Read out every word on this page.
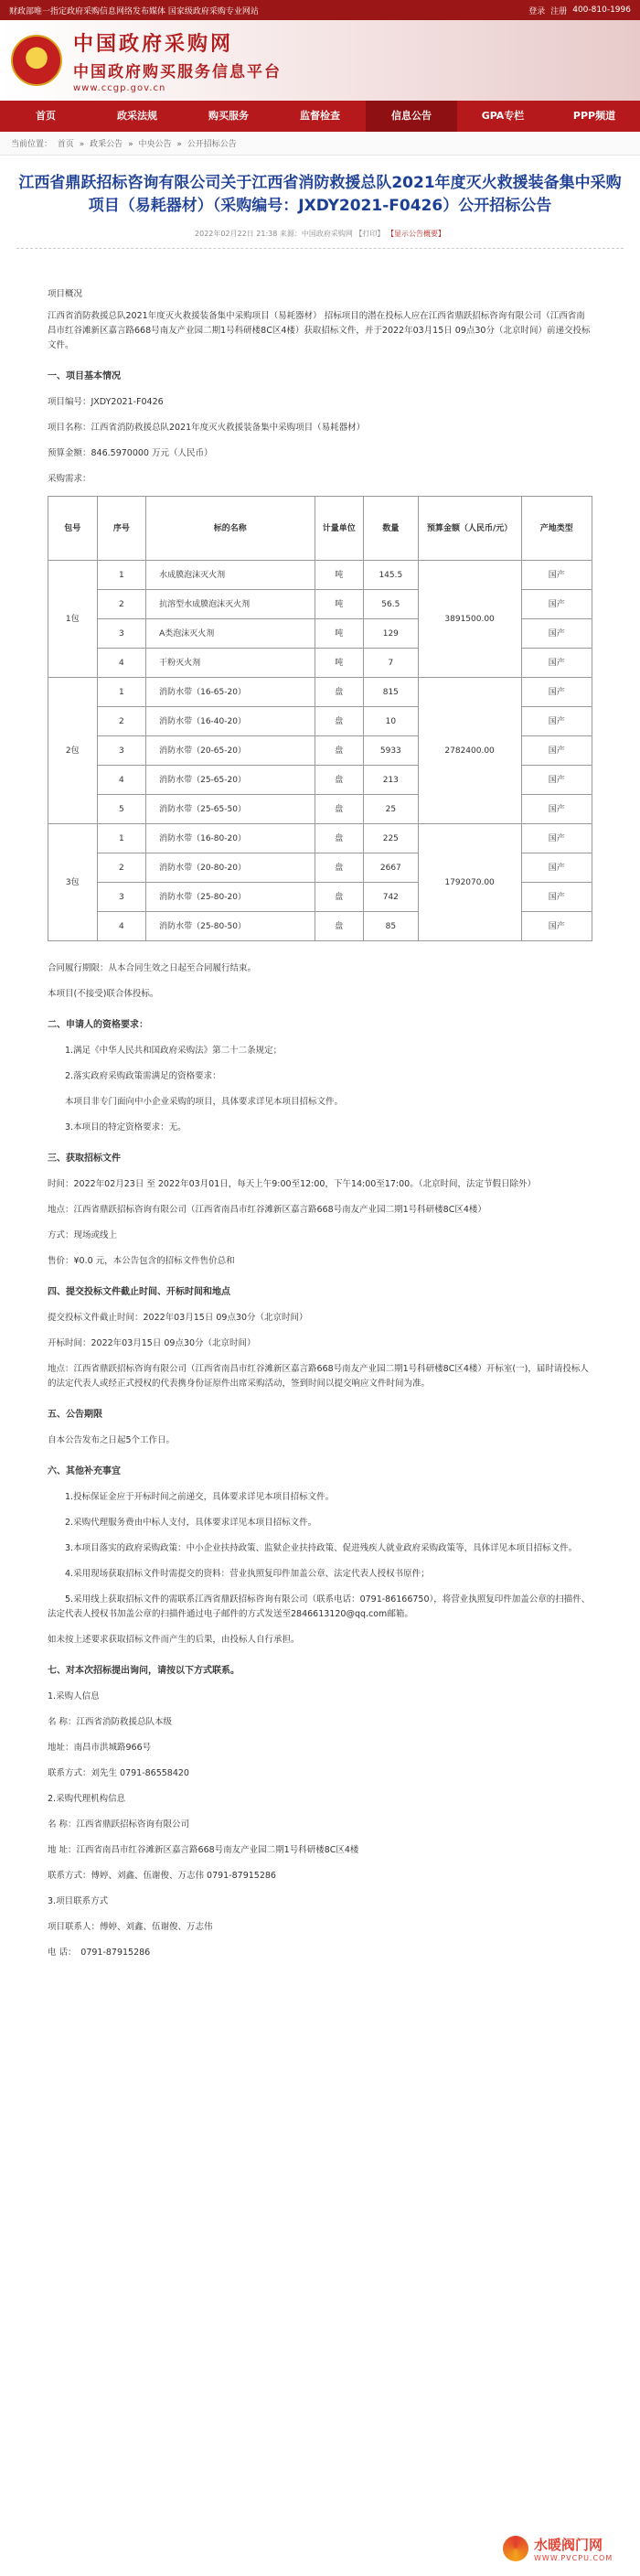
财政部唯一指定政府采购信息网络发布媒体 国家级政府采购专业网站	登录 注册 400-810-1996
中国政府采购网
中国政府购买服务信息平台
www.ccgp.gov.cn
首页	政采法规	购买服务	监督检查	信息公告	GPA专栏	PPP频道
当前位置： 首页 » 政采公告 » 中央公告 » 公开招标公告
江西省鼎跃招标咨询有限公司关于江西省消防救援总队2021年度灭火救援装备集中采购项目（易耗器材）（采购编号：JXDY2021-F0426）公开招标公告
2022年02月22日 21:38 来源：中国政府采购网 【打印】 【显示公告概要】
项目概况
江西省消防救援总队2021年度灭火救援装备集中采购项目（易耗器材） 招标项目的潜在投标人应在江西省鼎跃招标咨询有限公司（江西省南昌市红谷滩新区嘉言路668号南友产业园二期1号科研楼8C区4楼）获取招标文件，并于2022年03月15日 09点30分（北京时间）前递交投标文件。
一、项目基本情况
项目编号：JXDY2021-F0426
项目名称：江西省消防救援总队2021年度灭火救援装备集中采购项目（易耗器材）
预算金额：846.5970000 万元（人民币）
采购需求：
包号	序号	标的名称	计量单位	数量	预算金额（人民币/元）	产地类型
1包	1	水成膜泡沫灭火剂	吨	145.5	3891500.00	国产
	2	抗溶型水成膜泡沫灭火剂	吨	56.5		国产
	3	A类泡沫灭火剂	吨	129		国产
	4	干粉灭火剂	吨	7		国产
2包	1	消防水带（16-65-20）	盘	815	2782400.00	国产
	2	消防水带（16-40-20）	盘	10		国产
	3	消防水带（20-65-20）	盘	5933		国产
	4	消防水带（25-65-20）	盘	213		国产
	5	消防水带（25-65-50）	盘	25		国产
3包	1	消防水带（16-80-20）	盘	225	1792070.00	国产
	2	消防水带（20-80-20）	盘	2667		国产
	3	消防水带（25-80-20）	盘	742		国产
	4	消防水带（25-80-50）	盘	85		国产
合同履行期限：从本合同生效之日起至合同履行结束。
本项目(不接受)联合体投标。
二、申请人的资格要求：
1.满足《中华人民共和国政府采购法》第二十二条规定；
2.落实政府采购政策需满足的资格要求：
本项目非专门面向中小企业采购的项目，具体要求详见本项目招标文件。
3.本项目的特定资格要求：无。
三、获取招标文件
时间：2022年02月23日 至 2022年03月01日，每天上午9:00至12:00，下午14:00至17:00。（北京时间，法定节假日除外）
地点：江西省鼎跃招标咨询有限公司（江西省南昌市红谷滩新区嘉言路668号南友产业园二期1号科研楼8C区4楼）
方式：现场或线上
售价：¥0.0 元，本公告包含的招标文件售价总和
四、提交投标文件截止时间、开标时间和地点
提交投标文件截止时间：2022年03月15日 09点30分（北京时间）
开标时间：2022年03月15日 09点30分（北京时间）
地点：江西省鼎跃招标咨询有限公司（江西省南昌市红谷滩新区嘉言路668号南友产业园二期1号科研楼8C区4楼）开标室(一)，届时请投标人的法定代表人或经正式授权的代表携身份证原件出席采购活动，签到时间以提交响应文件时间为准。
五、公告期限
自本公告发布之日起5个工作日。
六、其他补充事宜
1.投标保证金应于开标时间之前递交，具体要求详见本项目招标文件。
2.采购代理服务费由中标人支付，具体要求详见本项目招标文件。
3.本项目落实的政府采购政策：中小企业扶持政策、监狱企业扶持政策、促进残疾人就业政府采购政策等，具体详见本项目招标文件。
4.采用现场获取招标文件时需提交的资料：营业执照复印件加盖公章、法定代表人授权书原件；
5.采用线上获取招标文件的需联系江西省鼎跃招标咨询有限公司（联系电话：0791-86166750），将营业执照复印件加盖公章的扫描件、法定代表人授权书加盖公章的扫描件通过电子邮件的方式发送至2846613120@qq.com邮箱。
如未按上述要求获取招标文件而产生的后果，由投标人自行承担。
七、对本次招标提出询问，请按以下方式联系。
1.采购人信息
名 称：江西省消防救援总队本级
地址：南昌市洪城路966号
联系方式：刘先生 0791-86558420
2.采购代理机构信息
名 称：江西省鼎跃招标咨询有限公司
地 址：江西省南昌市红谷滩新区嘉言路668号南友产业园二期1号科研楼8C区4楼
联系方式：傅婷、刘鑫、伍谢俊、万志伟 0791-87915286
3.项目联系方式
项目联系人：傅婷、刘鑫、伍谢俊、万志伟
电 话：　0791-87915286
水暖阀门网
WWW.PVCPU.COM
